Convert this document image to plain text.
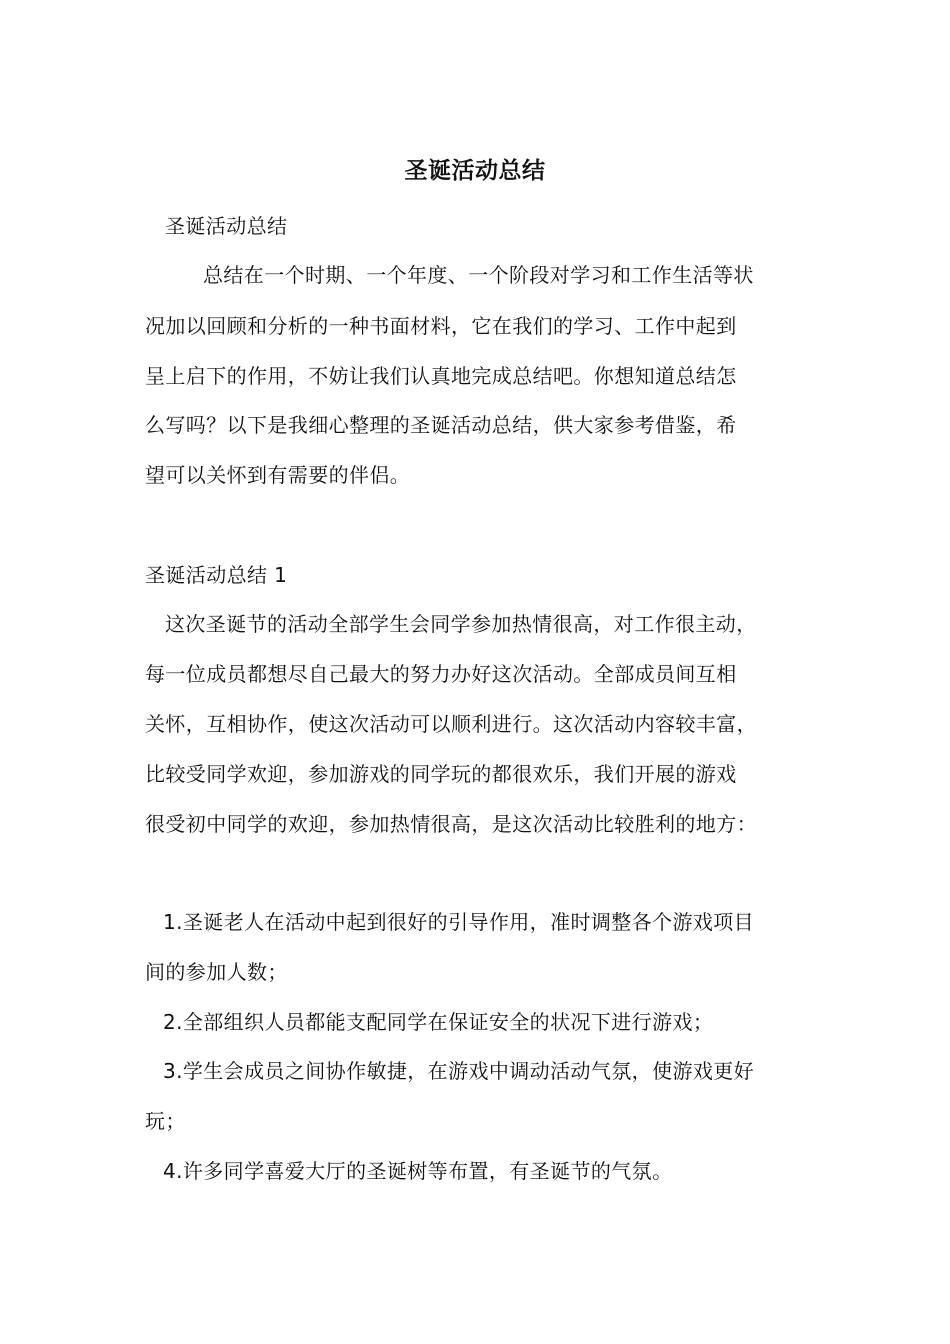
圣诞活动总结
圣诞活动总结
总结在一个时期、一个年度、一个阶段对学习和工作生活等状
况加以回顾和分析的一种书面材料，它在我们的学习、工作中起到
呈上启下的作用，不妨让我们认真地完成总结吧。你想知道总结怎
么写吗？以下是我细心整理的圣诞活动总结，供大家参考借鉴，希
望可以关怀到有需要的伴侣。
圣诞活动总结 1
这次圣诞节的活动全部学生会同学参加热情很高，对工作很主动，
每一位成员都想尽自己最大的努力办好这次活动。全部成员间互相
关怀，互相协作，使这次活动可以顺利进行。这次活动内容较丰富，
比较受同学欢迎，参加游戏的同学玩的都很欢乐，我们开展的游戏
很受初中同学的欢迎，参加热情很高，是这次活动比较胜利的地方：
1.圣诞老人在活动中起到很好的引导作用，准时调整各个游戏项目
间的参加人数；
2.全部组织人员都能支配同学在保证安全的状况下进行游戏；
3.学生会成员之间协作敏捷，在游戏中调动活动气氛，使游戏更好
玩；
4.许多同学喜爱大厅的圣诞树等布置，有圣诞节的气氛。
